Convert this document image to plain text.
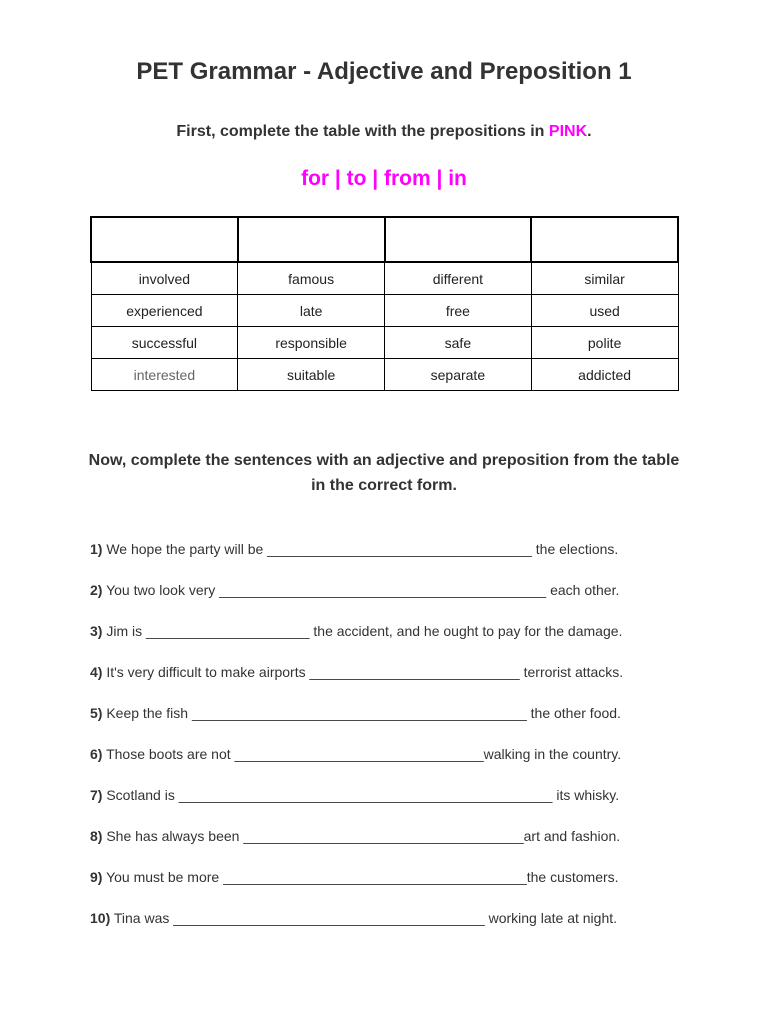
PET Grammar - Adjective and Preposition 1
First, complete the table with the prepositions in PINK.
for | to | from | in

involved	famous	different	similar
experienced	late	free	used
successful	responsible	safe	polite
interested	suitable	separate	addicted
Now, complete the sentences with an adjective and preposition from the table in the correct form.
1) We hope the party will be __________________________________ the elections.
2) You two look very __________________________________________ each other.
3) Jim is _____________________ the accident, and he ought to pay for the damage.
4) It's very difficult to make airports ___________________________ terrorist attacks.
5) Keep the fish ___________________________________________ the other food.
6) Those boots are not ________________________________walking in the country.
7) Scotland is ________________________________________________ its whisky.
8) She has always been ____________________________________art and fashion.
9) You must be more _______________________________________the customers.
10) Tina was ________________________________________ working late at night.
